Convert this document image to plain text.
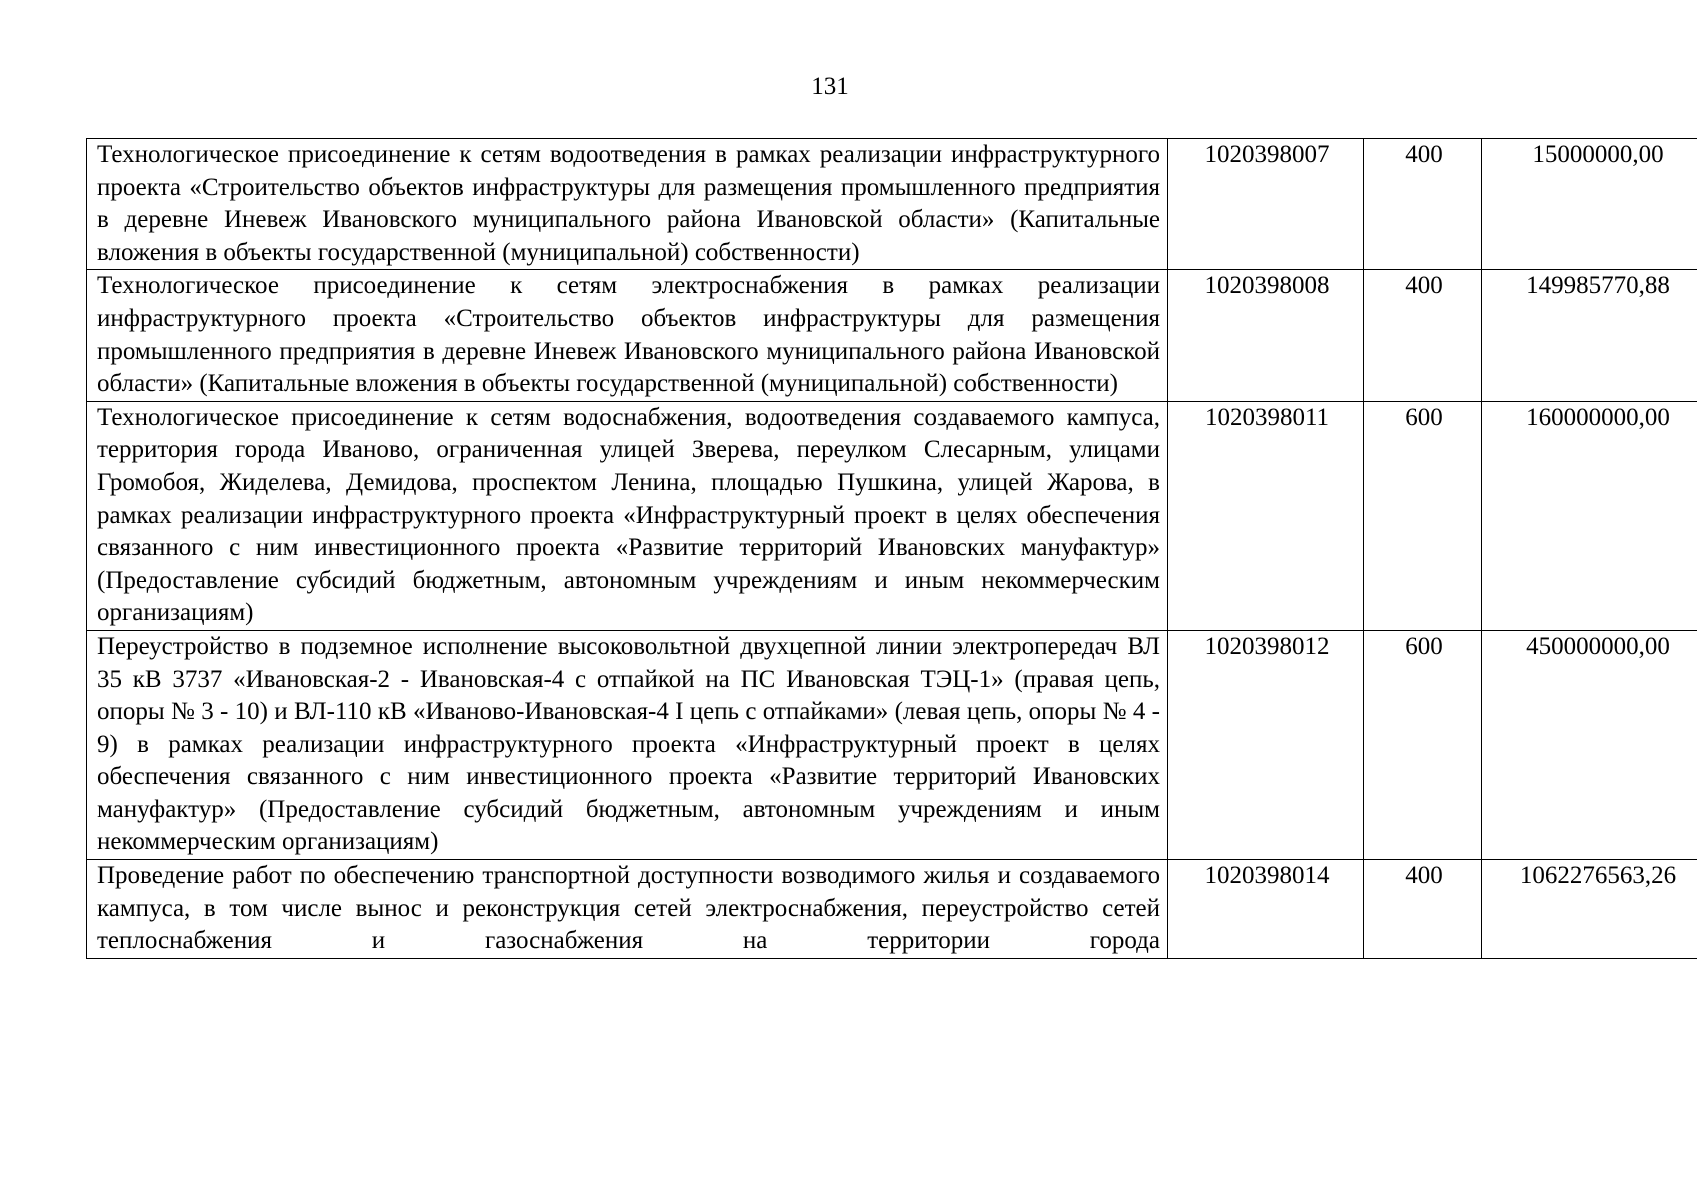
131
Технологическое присоединение к сетям водоотведения в рамках реализации инфраструктурного проекта «Строительство объектов инфраструктуры для размещения промышленного предприятия в деревне Иневеж Ивановского муниципального района Ивановской области» (Капитальные вложения в объекты государственной (муниципальной) собственности)	1020398007	400	15000000,00
Технологическое присоединение к сетям электроснабжения в рамках реализации инфраструктурного проекта «Строительство объектов инфраструктуры для размещения промышленного предприятия в деревне Иневеж Ивановского муниципального района Ивановской области» (Капитальные вложения в объекты государственной (муниципальной) собственности)	1020398008	400	149985770,88
Технологическое присоединение к сетям водоснабжения, водоотведения создаваемого кампуса, территория города Иваново, ограниченная улицей Зверева, переулком Слесарным, улицами Громобоя, Жиделева, Демидова, проспектом Ленина, площадью Пушкина, улицей Жарова, в рамках реализации инфраструктурного проекта «Инфраструктурный проект в целях обеспечения связанного с ним инвестиционного проекта «Развитие территорий Ивановских мануфактур» (Предоставление субсидий бюджетным, автономным учреждениям и иным некоммерческим организациям)	1020398011	600	160000000,00
Переустройство в подземное исполнение высоковольтной двухцепной линии электропередач ВЛ 35 кВ 3737 «Ивановская-2 - Ивановская-4 с отпайкой на ПС Ивановская ТЭЦ-1» (правая цепь, опоры № 3 - 10) и ВЛ-110 кВ «Иваново-Ивановская-4 I цепь с отпайками» (левая цепь, опоры № 4 - 9) в рамках реализации инфраструктурного проекта «Инфраструктурный проект в целях обеспечения связанного с ним инвестиционного проекта «Развитие территорий Ивановских мануфактур» (Предоставление субсидий бюджетным, автономным учреждениям и иным некоммерческим организациям)	1020398012	600	450000000,00

Проведение работ по обеспечению транспортной доступности возводимого жилья и создаваемого кампуса, в том числе вынос и реконструкция сетей электроснабжения, переустройство сетей теплоснабжения и газоснабжения на территории города	1020398014	400	1062276563,26
